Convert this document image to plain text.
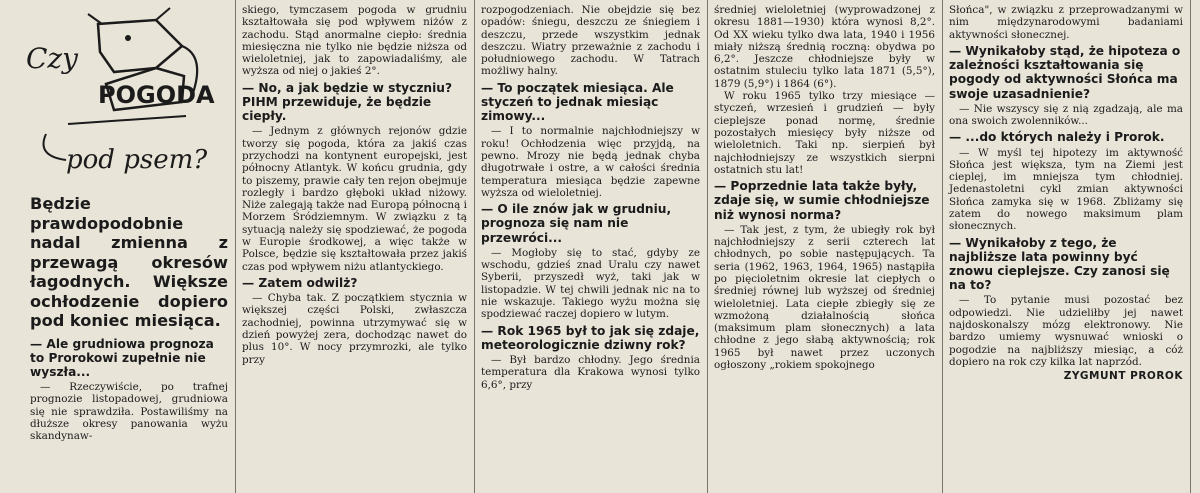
Czy
POGODA
pod psem?
Będzie prawdopodobnie nadal zmienna z przewagą okresów łagodnych. Większe ochłodzenie dopiero pod koniec miesiąca.
— Ale grudniowa prognoza to Prorokowi zupełnie nie wyszła...

— Rzeczywiście, po trafnej prognozie listopadowej, grudniowa się nie sprawdziła. Postawiliśmy na dłuższe okresy panowania wyżu skandynaw-

skiego, tymczasem pogoda w grudniu kształtowała się pod wpływem niżów z zachodu. Stąd anormalne ciepło: średnia miesięczna nie tylko nie będzie niższa od wieloletniej, jak to zapowiadaliśmy, ale wyższa od niej o jakieś 2°.

— No, a jak będzie w styczniu? PIHM przewiduje, że będzie ciepły.

— Jednym z głównych rejonów gdzie tworzy się pogoda, która za jakiś czas przychodzi na kontynent europejski, jest północny Atlantyk. W końcu grudnia, gdy to piszemy, prawie cały ten rejon obejmuje rozległy i bardzo głęboki układ niżowy. Niże zalegają także nad Europą północną i Morzem Śródziemnym. W związku z tą sytuacją należy się spodziewać, że pogoda w Europie środkowej, a więc także w Polsce, będzie się kształtowała przez jakiś czas pod wpływem niżu atlantyckiego.

— Zatem odwilż?

— Chyba tak. Z początkiem stycznia w większej części Polski, zwłaszcza zachodniej, powinna utrzymywać się w dzień powyżej zera, dochodząc nawet do plus 10°. W nocy przymrozki, ale tylko przy

rozpogodzeniach. Nie obejdzie się bez opadów: śniegu, deszczu ze śniegiem i deszczu, przede wszystkim jednak deszczu. Wiatry przeważnie z zachodu i południowego zachodu. W Tatrach możliwy halny.

— To początek miesiąca. Ale styczeń to jednak miesiąc zimowy...

— I to normalnie najchłodniejszy w roku! Ochłodzenia więc przyjdą, na pewno. Mrozy nie będą jednak chyba długotrwałe i ostre, a w całości średnia temperatura miesiąca będzie zapewne wyższa od wieloletniej.

— O ile znów jak w grudniu, prognoza się nam nie przewróci...

— Mogłoby się to stać, gdyby ze wschodu, gdzieś znad Uralu czy nawet Syberii, przyszedł wyż, taki jak w listopadzie. W tej chwili jednak nic na to nie wskazuje. Takiego wyżu można się spodziewać raczej dopiero w lutym.

— Rok 1965 był to jak się zdaje, meteorologicznie dziwny rok?

— Był bardzo chłodny. Jego średnia temperatura dla Krakowa wynosi tylko 6,6°, przy

średniej wieloletniej (wyprowadzonej z okresu 1881—1930) która wynosi 8,2°. Od XX wieku tylko dwa lata, 1940 i 1956 miały niższą średnią roczną: obydwa po 6,2°. Jeszcze chłodniejsze były w ostatnim stuleciu tylko lata 1871 (5,5°), 1879 (5,9°) i 1864 (6°).

W roku 1965 tylko trzy miesiące — styczeń, wrzesień i grudzień — były cieplejsze ponad normę, średnie pozostałych miesięcy były niższe od wieloletnich. Taki np. sierpień był najchłodniejszy ze wszystkich sierpni ostatnich stu lat!

— Poprzednie lata także były, zdaje się, w sumie chłodniejsze niż wynosi norma?

— Tak jest, z tym, że ubiegły rok był najchłodniejszy z serii czterech lat chłodnych, po sobie następujących. Ta seria (1962, 1963, 1964, 1965) nastąpiła po pięcioletnim okresie lat ciepłych o średniej równej lub wyższej od średniej wieloletniej. Lata ciepłe zbiegły się ze wzmożoną działalnością słońca (maksimum plam słonecznych) a lata chłodne z jego słabą aktywnością; rok 1965 był nawet przez uczonych ogłoszony „rokiem spokojnego

Słońca", w związku z przeprowadzanymi w nim międzynarodowymi badaniami aktywności słonecznej.

— Wynikałoby stąd, że hipoteza o zależności kształtowania się pogody od aktywności Słońca ma swoje uzasadnienie?

— Nie wszyscy się z nią zgadzają, ale ma ona swoich zwolenników...

— ...do których należy i Prorok.

— W myśl tej hipotezy im aktywność Słońca jest większa, tym na Ziemi jest cieplej, im mniejsza tym chłodniej. Jedenastoletni cykl zmian aktywności Słońca zamyka się w 1968. Zbliżamy się zatem do nowego maksimum plam słonecznych.

— Wynikałoby z tego, że najbliższe lata powinny być znowu cieplejsze. Czy zanosi się na to?

— To pytanie musi pozostać bez odpowiedzi. Nie udzieliłby jej nawet najdoskonalszy mózg elektronowy. Nie bardzo umiemy wysnuwać wnioski o pogodzie na najbliższy miesiąc, a cóż dopiero na rok czy kilka lat naprzód.

ZYGMUNT PROROK
